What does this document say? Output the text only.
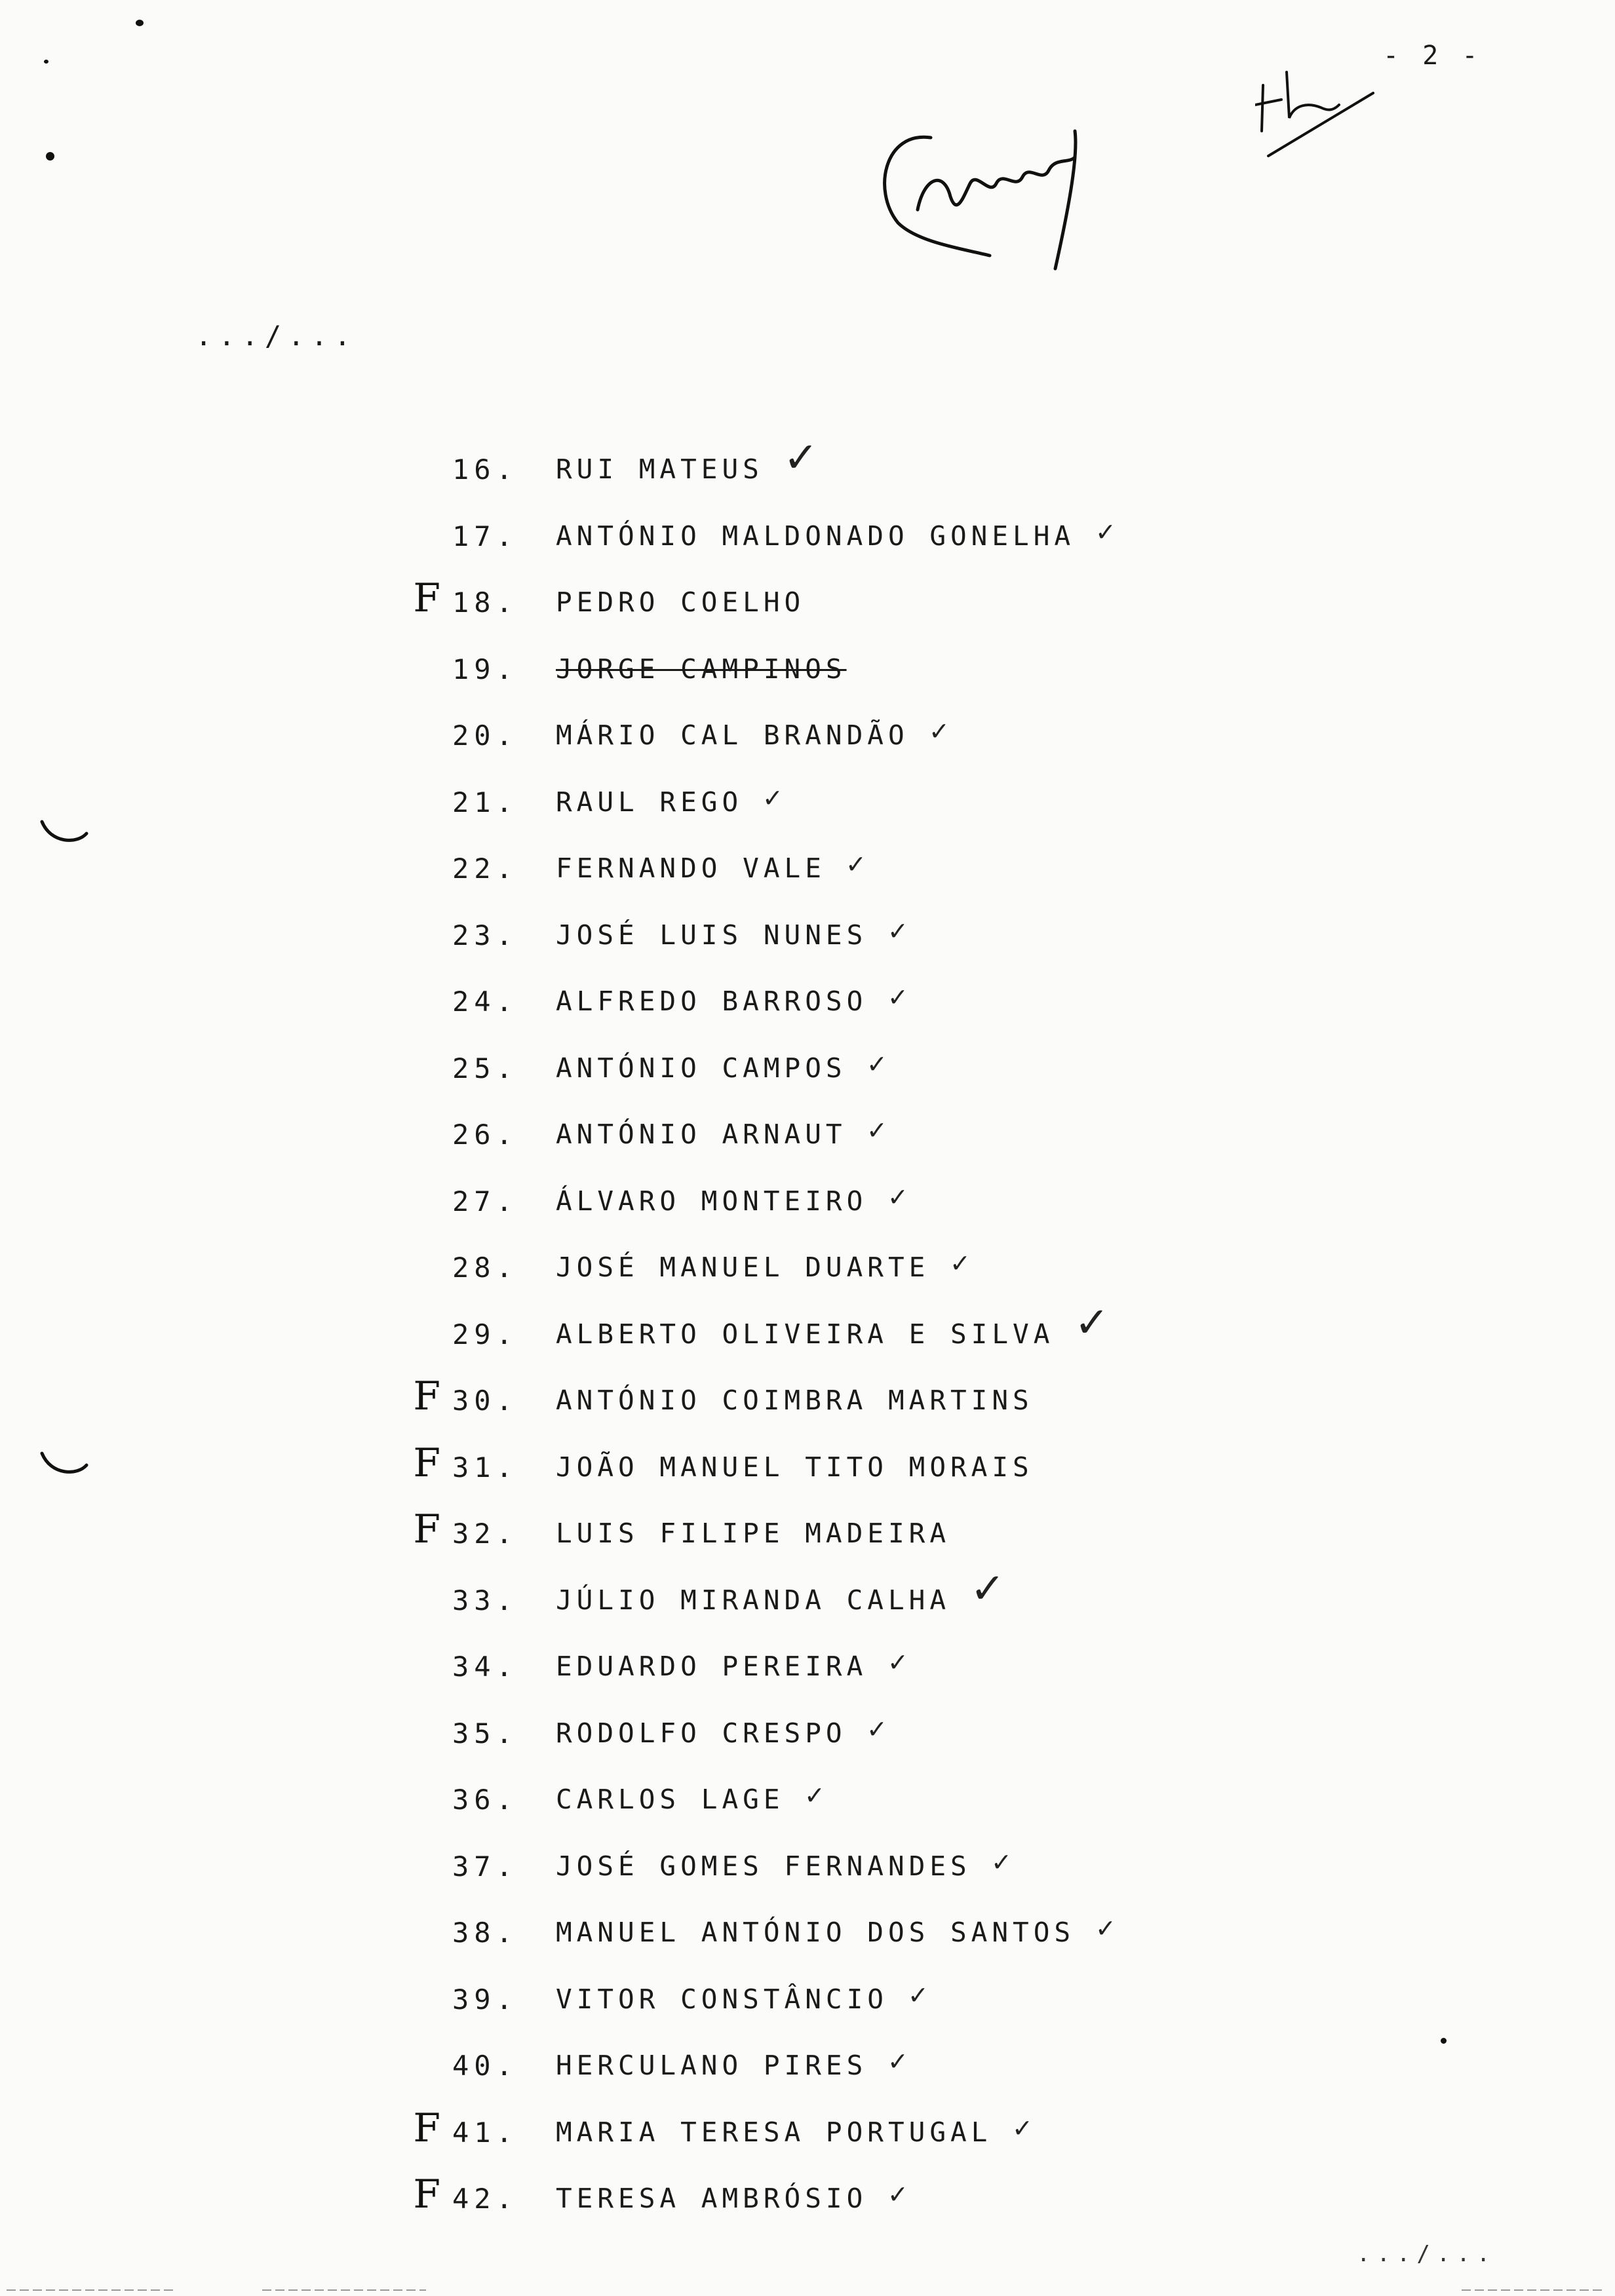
- 2 -
.../...
16. RUI MATEUS ✓
17. ANTÓNIO MALDONADO GONELHA ✓
F 18. PEDRO COELHO
19. JORGE CAMPINOS
20. MÁRIO CAL BRANDÃO ✓
21. RAUL REGO ✓
22. FERNANDO VALE ✓
23. JOSÉ LUIS NUNES ✓
24. ALFREDO BARROSO ✓
25. ANTÓNIO CAMPOS ✓
26. ANTÓNIO ARNAUT ✓
27. ÁLVARO MONTEIRO ✓
28. JOSÉ MANUEL DUARTE ✓
29. ALBERTO OLIVEIRA E SILVA ✓
F 30. ANTÓNIO COIMBRA MARTINS
F 31. JOÃO MANUEL TITO MORAIS
F 32. LUIS FILIPE MADEIRA
33. JÚLIO MIRANDA CALHA ✓
34. EDUARDO PEREIRA ✓
35. RODOLFO CRESPO ✓
36. CARLOS LAGE ✓
37. JOSÉ GOMES FERNANDES ✓
38. MANUEL ANTÓNIO DOS SANTOS ✓
39. VITOR CONSTÂNCIO ✓
40. HERCULANO PIRES ✓
F 41. MARIA TERESA PORTUGAL ✓
F 42. TERESA AMBRÓSIO ✓
.../...
